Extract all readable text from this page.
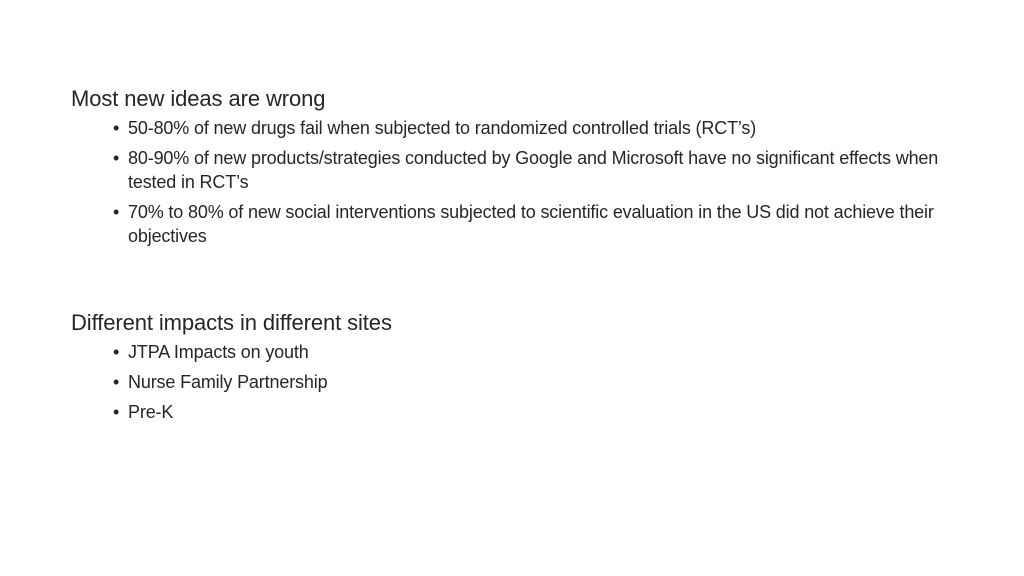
Most new ideas are wrong

• 50-80% of new drugs fail when subjected to randomized controlled trials (RCT’s)
• 80-90% of new products/strategies conducted by Google and Microsoft have no significant effects when tested in RCT’s
• 70% to 80% of new social interventions subjected to scientific evaluation in the US did not achieve their objectives

Different impacts in different sites

• JTPA Impacts on youth
• Nurse Family Partnership
• Pre-K
